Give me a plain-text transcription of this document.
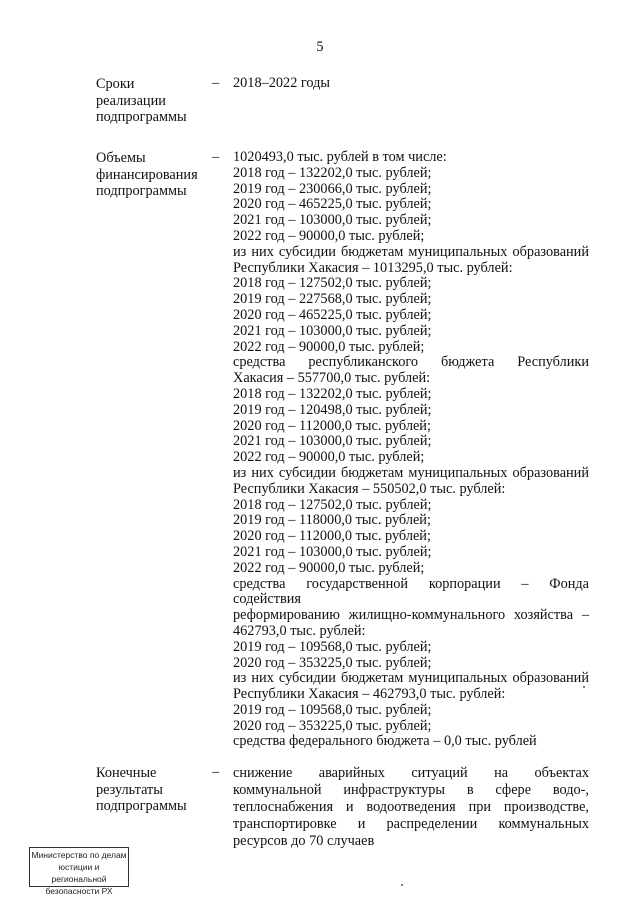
5
Сроки
реализации
подпрограммы
– 2018–2022 годы
Объемы
финансирования
подпрограммы
– 1020493,0 тыс. рублей в том числе:
2018 год – 132202,0 тыс. рублей;
2019 год – 230066,0 тыс. рублей;
2020 год – 465225,0 тыс. рублей;
2021 год – 103000,0 тыс. рублей;
2022 год – 90000,0 тыс. рублей;
из них субсидии бюджетам муниципальных образований
Республики Хакасия – 1013295,0 тыс. рублей:
2018 год – 127502,0 тыс. рублей;
2019 год – 227568,0 тыс. рублей;
2020 год – 465225,0 тыс. рублей;
2021 год – 103000,0 тыс. рублей;
2022 год – 90000,0 тыс. рублей;
средства республиканского бюджета Республики
Хакасия – 557700,0 тыс. рублей:
2018 год – 132202,0 тыс. рублей;
2019 год – 120498,0 тыс. рублей;
2020 год – 112000,0 тыс. рублей;
2021 год – 103000,0 тыс. рублей;
2022 год – 90000,0 тыс. рублей;
из них субсидии бюджетам муниципальных образований
Республики Хакасия – 550502,0 тыс. рублей:
2018 год – 127502,0 тыс. рублей;
2019 год – 118000,0 тыс. рублей;
2020 год – 112000,0 тыс. рублей;
2021 год – 103000,0 тыс. рублей;
2022 год – 90000,0 тыс. рублей;
средства государственной корпорации – Фонда содействия
реформированию жилищно-коммунального хозяйства –
462793,0 тыс. рублей:
2019 год – 109568,0 тыс. рублей;
2020 год – 353225,0 тыс. рублей;
из них субсидии бюджетам муниципальных образований
Республики Хакасия – 462793,0 тыс. рублей:
2019 год – 109568,0 тыс. рублей;
2020 год – 353225,0 тыс. рублей;
средства федерального бюджета – 0,0 тыс. рублей
Конечные
результаты
подпрограммы
– снижение аварийных ситуаций на объектах коммунальной инфраструктуры в сфере водо-, теплоснабжения и водоотведения при производстве, транспортировке и распределении коммунальных ресурсов до 70 случаев
Министерство по делам
юстиции и региональной
безопасности РХ
